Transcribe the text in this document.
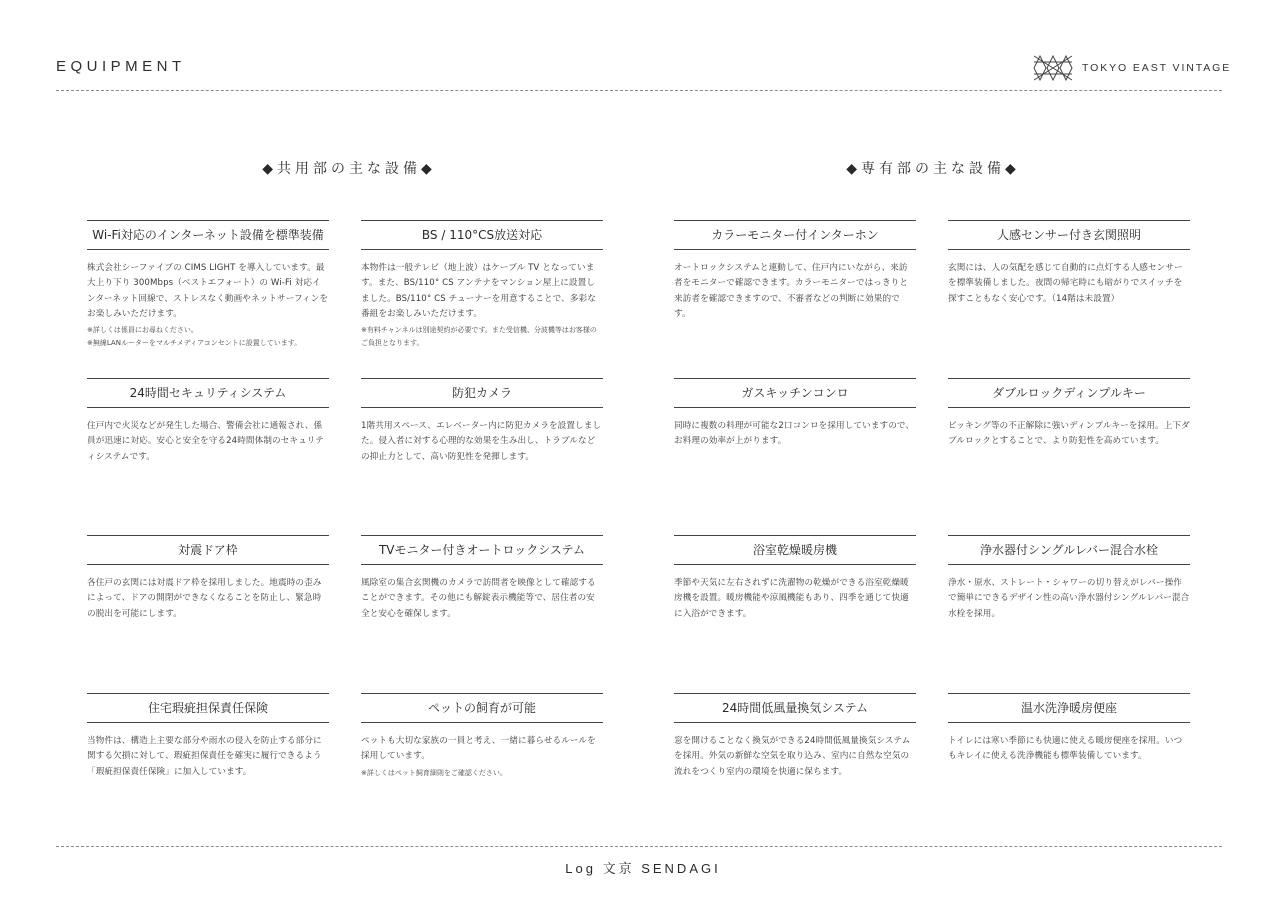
EQUIPMENT	TOKYO EAST VINTAGE
◆共用部の主な設備◆	◆専有部の主な設備◆
Wi-Fi対応のインターネット設備を標準装備
株式会社シーファイブの CIMS LIGHT を導入しています。最大上り下り 300Mbps（ベストエフォート）の Wi-Fi 対応インターネット回線で、ストレスなく動画やネットサーフィンをお楽しみいただけます。
※詳しくは係員にお尋ねください。
※無線LANルーターをマルチメディアコンセントに設置しています。
BS / 110°CS放送対応
本物件は一般テレビ（地上波）はケーブル TV となっています。また、BS/110° CS アンテナをマンション屋上に設置しました。BS/110° CS チューナーを用意することで、多彩な番組をお楽しみいただけます。
※有料チャンネルは別途契約が必要です。また受信機、分波機等はお客様のご負担となります。
24時間セキュリティシステム
住戸内で火災などが発生した場合、警備会社に通報され、係員が迅速に対応。安心と安全を守る24時間体制のセキュリティシステムです。
防犯カメラ
1階共用スペース、エレベーター内に防犯カメラを設置しました。侵入者に対する心理的な効果を生み出し、トラブルなどの抑止力として、高い防犯性を発揮します。
対震ドア枠
各住戸の玄関には対震ドア枠を採用しました。地震時の歪みによって、ドアの開閉ができなくなることを防止し、緊急時の脱出を可能にします。
TVモニター付きオートロックシステム
風除室の集合玄関機のカメラで訪問者を映像として確認することができます。その他にも解錠表示機能等で、居住者の安全と安心を確保します。
住宅瑕疵担保責任保険
当物件は、構造上主要な部分や雨水の侵入を防止する部分に関する欠損に対して、瑕疵担保責任を確実に履行できるよう「瑕疵担保責任保険」に加入しています。
ペットの飼育が可能
ペットも大切な家族の一員と考え、一緒に暮らせるルールを採用しています。
※詳しくはペット飼育細則をご確認ください。
カラーモニター付インターホン
オートロックシステムと連動して、住戸内にいながら、来訪者をモニターで確認できます。カラーモニターではっきりと来訪者を確認できますので、不審者などの判断に効果的です。
人感センサー付き玄関照明
玄関には、人の気配を感じて自動的に点灯する人感センサーを標準装備しました。夜間の帰宅時にも暗がりでスイッチを探すこともなく安心です。（14階は未設置）
ガスキッチンコンロ
同時に複数の料理が可能な2口コンロを採用していますので、お料理の効率が上がります。
ダブルロックディンプルキー
ピッキング等の不正解除に強いディンプルキーを採用。上下ダブルロックとすることで、より防犯性を高めています。
浴室乾燥暖房機
季節や天気に左右されずに洗濯物の乾燥ができる浴室乾燥暖房機を設置。暖房機能や涼風機能もあり、四季を通じて快適に入浴ができます。
浄水器付シングルレバー混合水栓
浄水・原水、ストレート・シャワーの切り替えがレバー操作で簡単にできるデザイン性の高い浄水器付シングルレバー混合水栓を採用。
24時間低風量換気システム
窓を開けることなく換気ができる24時間低風量換気システムを採用。外気の新鮮な空気を取り込み、室内に自然な空気の流れをつくり室内の環境を快適に保ちます。
温水洗浄暖房便座
トイレには寒い季節にも快適に使える暖房便座を採用。いつもキレイに使える洗浄機能も標準装備しています。
Log 文京 SENDAGI
